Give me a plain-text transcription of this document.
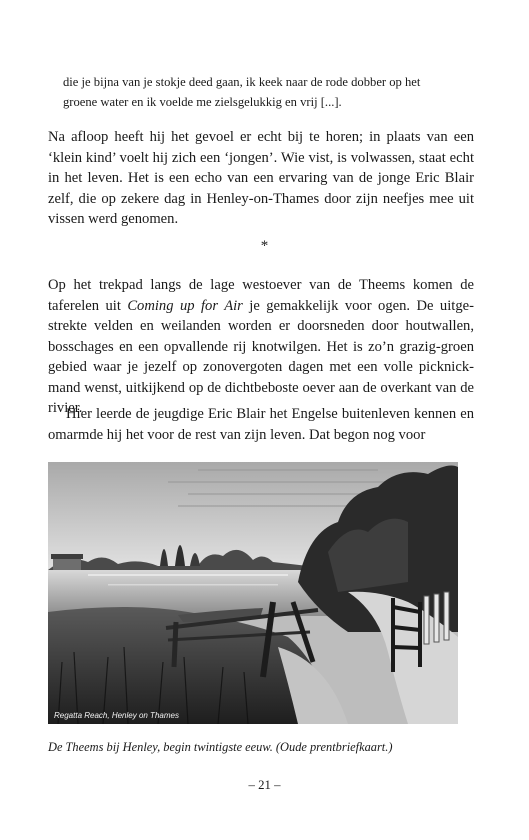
die je bijna van je stokje deed gaan, ik keek naar de rode dobber op het
groene water en ik voelde me zielsgelukkig en vrij [...].

Na afloop heeft hij het gevoel er echt bij te horen; in plaats van een ‘klein kind’ voelt hij zich een ‘jongen’. Wie vist, is volwassen, staat echt in het leven. Het is een echo van een ervaring van de jonge Eric Blair zelf, die op zekere dag in Henley-on-Thames door zijn neefjes mee uit vissen werd genomen.

*

Op het trekpad langs de lage westoever van de Theems komen de taferelen uit Coming up for Air je gemakkelijk voor ogen. De uitgestrekte velden en weilanden worden er doorsneden door houtwallen, bosschages en een opvallende rij knotwilgen. Het is zo’n grazig-groen gebied waar je jezelf op zonovergoten dagen met een volle picknickmand wenst, uitkijkend op de dichtbeboste oever aan de overkant van de rivier.

Hier leerde de jeugdige Eric Blair het Engelse buitenleven kennen en omarmde hij het voor de rest van zijn leven. Dat begon nog voor

Regatta Reach, Henley on Thames

De Theems bij Henley, begin twintigste eeuw. (Oude prentbriefkaart.)

– 21 –
